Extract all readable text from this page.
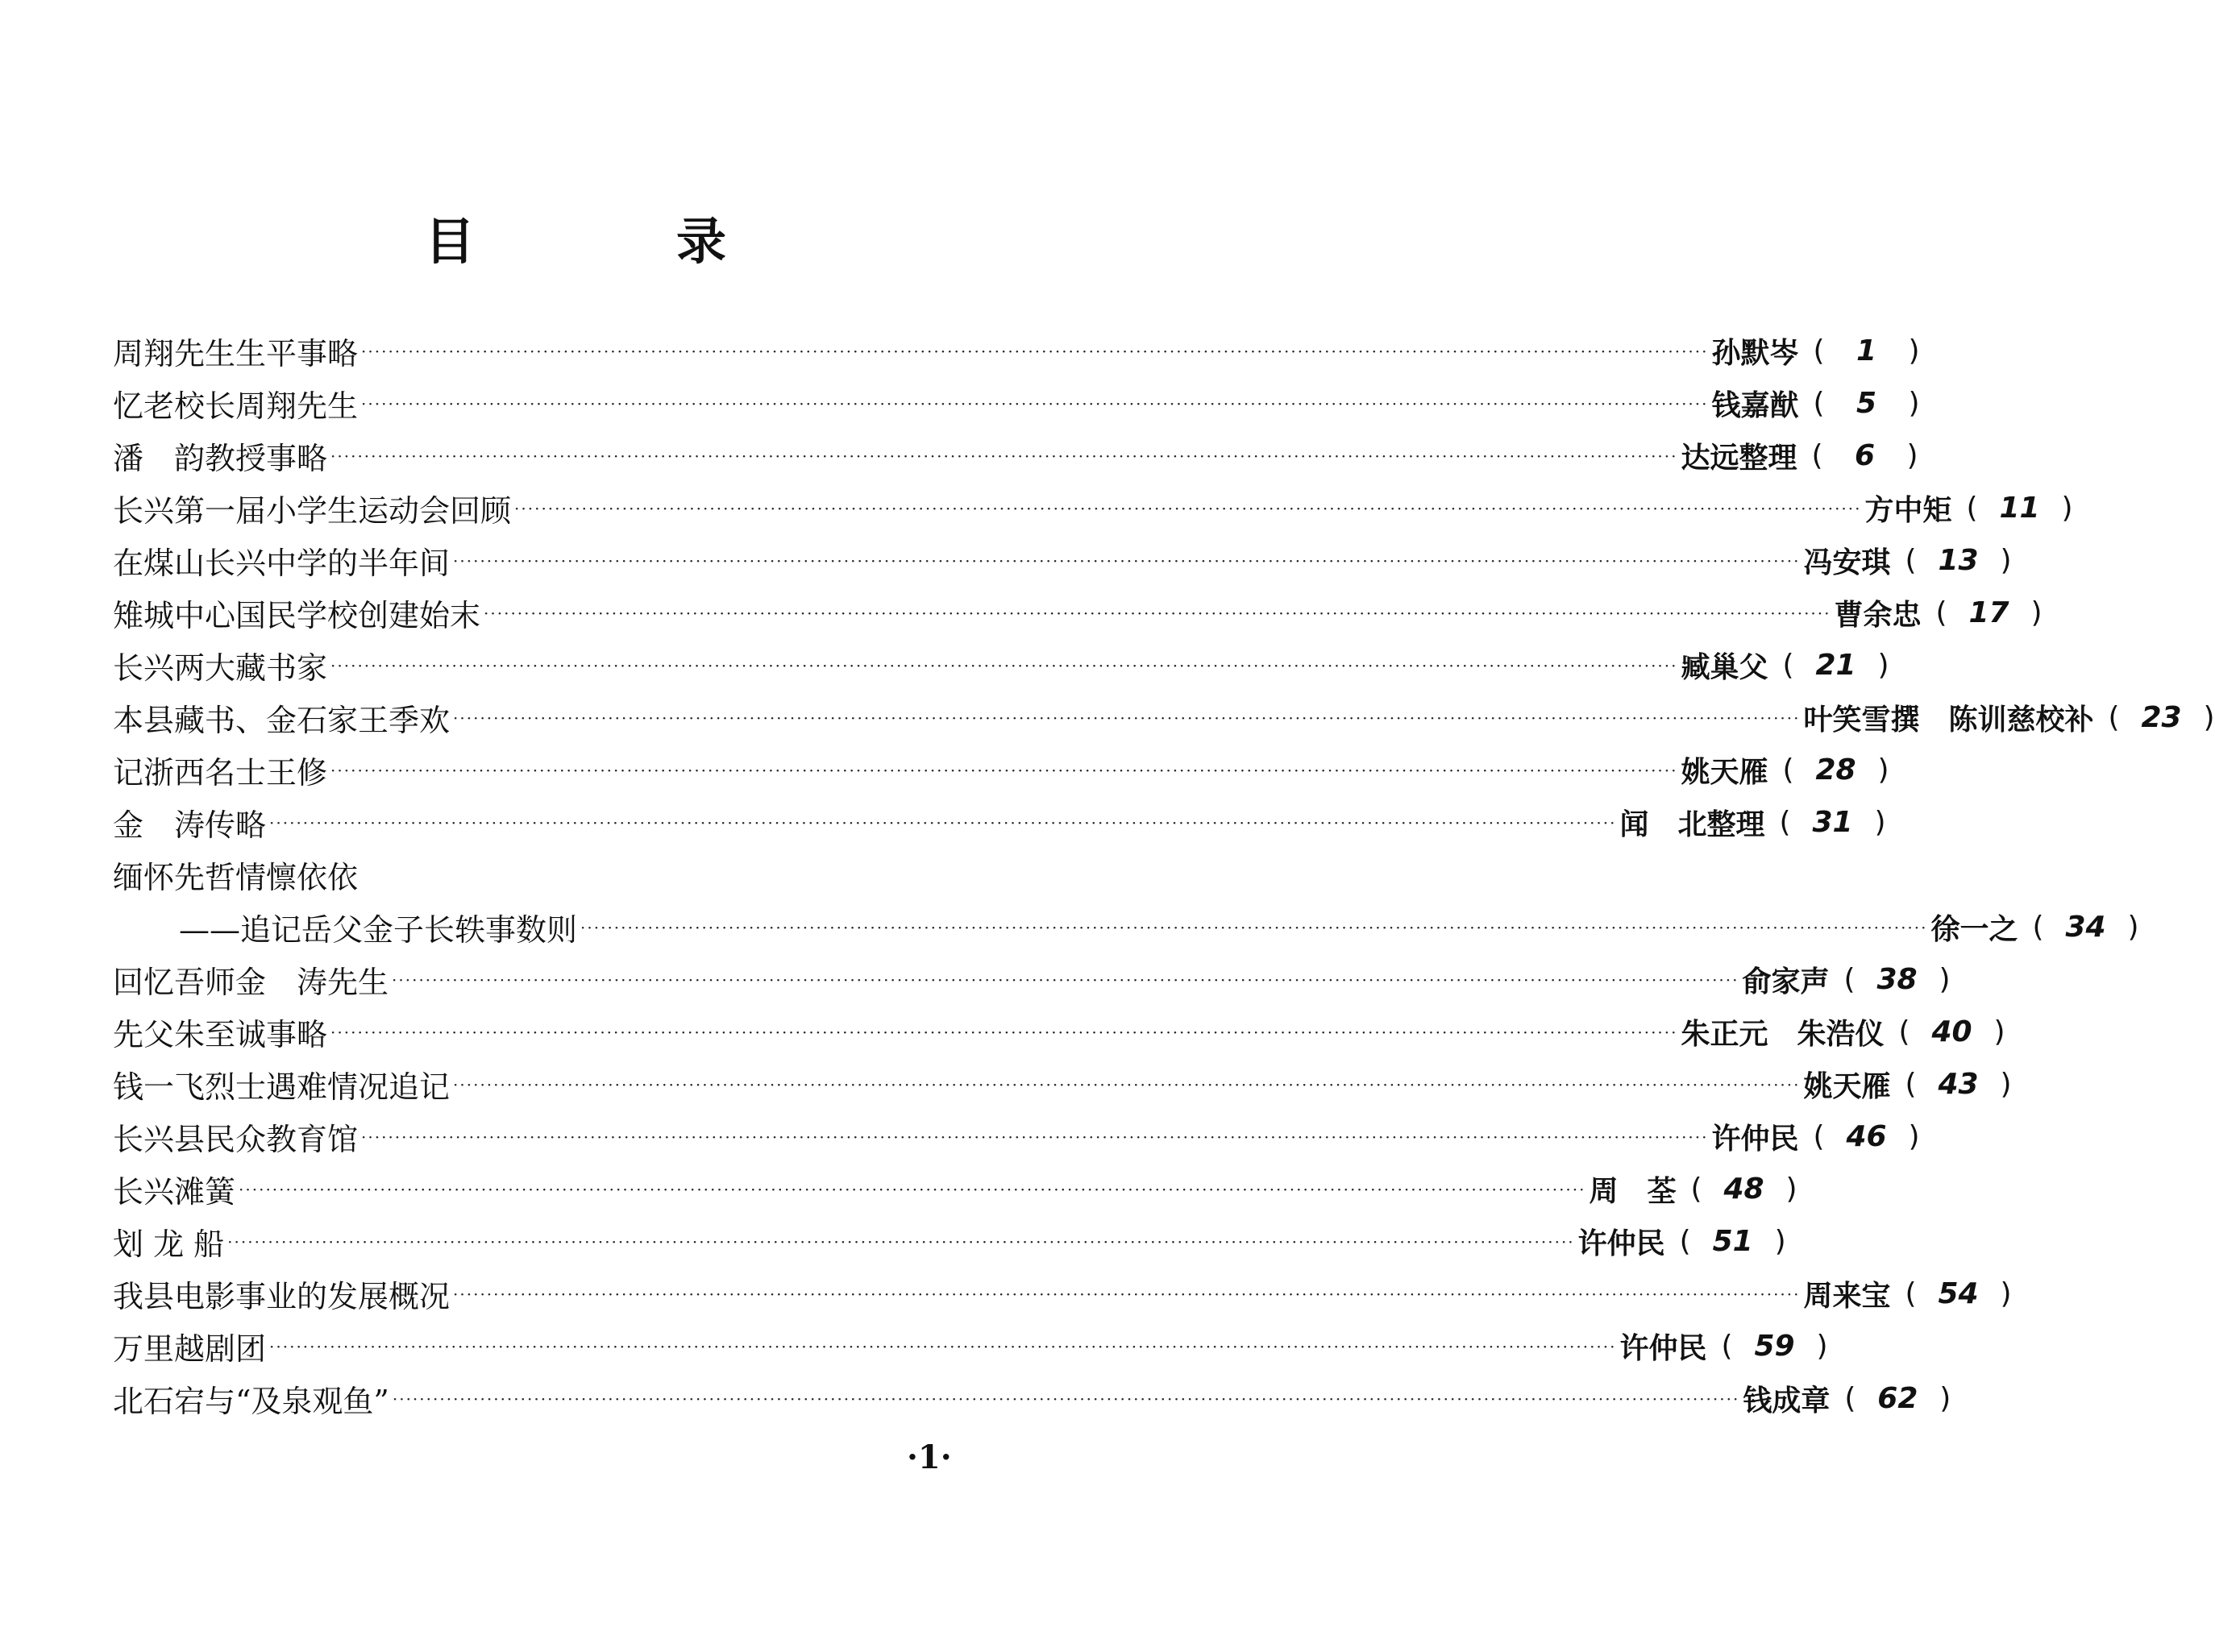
目	录
周翔先生生平事略 ········································································································································································································ 孙默岑 ( 1 )
忆老校长周翔先生 ········································································································································································································ 钱嘉猷 ( 5 )
潘　韵教授事略 ········································································································································································································ 达远整理 ( 6 )
长兴第一届小学生运动会回顾 ········································································································································································································ 方中矩 ( 11 )
在煤山长兴中学的半年间 ········································································································································································································ 冯安琪 ( 13 )
雉城中心国民学校创建始末 ········································································································································································································ 曹余忠 ( 17 )
长兴两大藏书家 ········································································································································································································ 臧巢父 ( 21 )
本县藏书、金石家王季欢 ········································································································································································································ 叶笑雪撰　陈训慈校补 ( 23 )
记浙西名士王修 ········································································································································································································ 姚天雁 ( 28 )
金　涛传略 ········································································································································································································ 闻　北整理 ( 31 )
缅怀先哲情懔依依
——追记岳父金子长轶事数则 ········································································································································································································ 徐一之 ( 34 )
回忆吾师金　涛先生 ········································································································································································································ 俞家声 ( 38 )
先父朱至诚事略 ········································································································································································································ 朱正元　朱浩仪 ( 40 )
钱一飞烈士遇难情况追记 ········································································································································································································ 姚天雁 ( 43 )
长兴县民众教育馆 ········································································································································································································ 许仲民 ( 46 )
长兴滩簧 ········································································································································································································ 周　荃 ( 48 )
划 龙 船 ········································································································································································································ 许仲民 ( 51 )
我县电影事业的发展概况 ········································································································································································································ 周来宝 ( 54 )
万里越剧团 ········································································································································································································ 许仲民 ( 59 )
北石宕与“及泉观鱼” ········································································································································································································ 钱成章 ( 62 )
·1·
